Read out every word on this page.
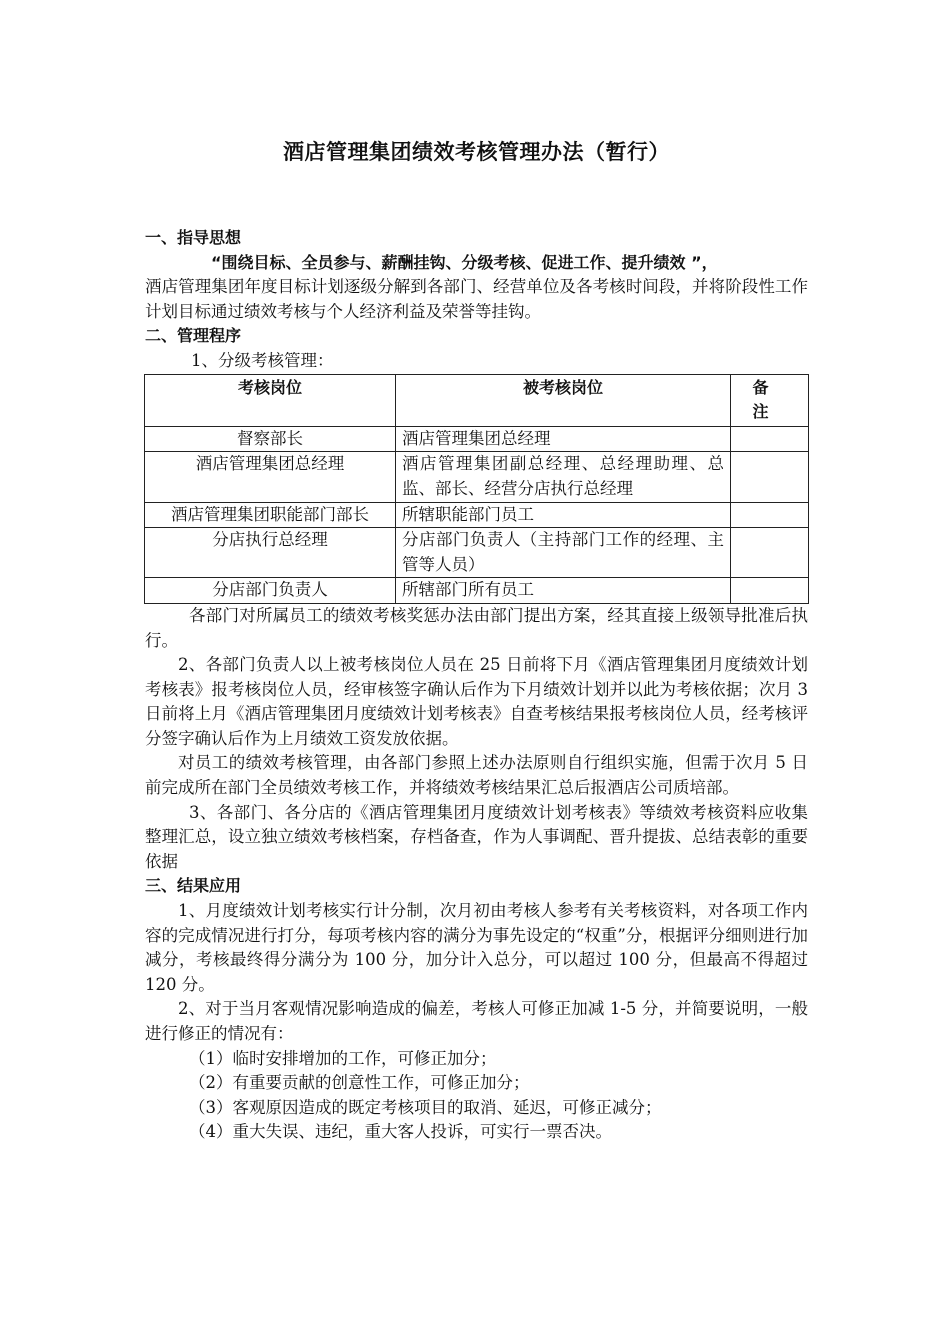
酒店管理集团绩效考核管理办法（暂行）
一、指导思想

“围绕目标、全员参与、薪酬挂钩、分级考核、促进工作、提升绩效 ”，

酒店管理集团年度目标计划逐级分解到各部门、经营单位及各考核时间段，并将阶段性工作计划目标通过绩效考核与个人经济利益及荣誉等挂钩。

二、管理程序

1、分级考核管理：

考核岗位	被考核岗位	备注
督察部长	酒店管理集团总经理	
酒店管理集团总经理	酒店管理集团副总经理、总经理助理、总监、部长、经营分店执行总经理	
酒店管理集团职能部门部长	所辖职能部门员工	
分店执行总经理	分店部门负责人（主持部门工作的经理、主管等人员）	
分店部门负责人	所辖部门所有员工	

各部门对所属员工的绩效考核奖惩办法由部门提出方案，经其直接上级领导批准后执行。

2、各部门负责人以上被考核岗位人员在 25 日前将下月《酒店管理集团月度绩效计划考核表》报考核岗位人员，经审核签字确认后作为下月绩效计划并以此为考核依据；次月 3 日前将上月《酒店管理集团月度绩效计划考核表》自查考核结果报考核岗位人员，经考核评分签字确认后作为上月绩效工资发放依据。

对员工的绩效考核管理，由各部门参照上述办法原则自行组织实施，但需于次月 5 日前完成所在部门全员绩效考核工作，并将绩效考核结果汇总后报酒店公司质培部。

3、各部门、各分店的《酒店管理集团月度绩效计划考核表》等绩效考核资料应收集整理汇总，设立独立绩效考核档案，存档备查，作为人事调配、晋升提拔、总结表彰的重要依据

三、结果应用

1、月度绩效计划考核实行计分制，次月初由考核人参考有关考核资料，对各项工作内容的完成情况进行打分，每项考核内容的满分为事先设定的“权重”分，根据评分细则进行加减分，考核最终得分满分为 100 分，加分计入总分，可以超过 100 分，但最高不得超过 120 分。

2、对于当月客观情况影响造成的偏差，考核人可修正加减 1-5 分，并简要说明，一般进行修正的情况有：

（1）临时安排增加的工作，可修正加分；

（2）有重要贡献的创意性工作，可修正加分；

（3）客观原因造成的既定考核项目的取消、延迟，可修正减分；

（4）重大失误、违纪，重大客人投诉，可实行一票否决。
